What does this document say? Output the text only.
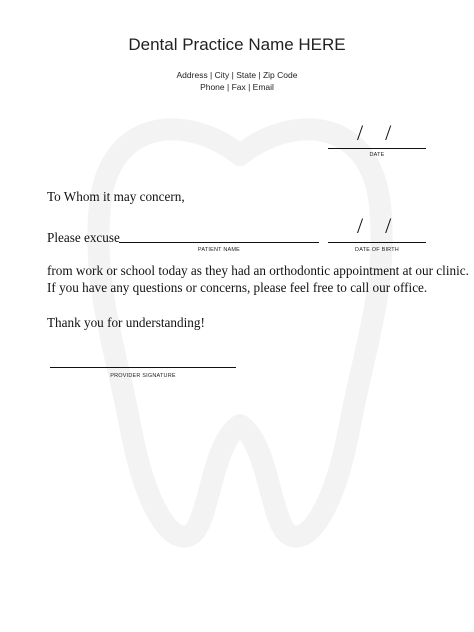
Dental Practice Name HERE
Address | City | State | Zip Code
Phone | Fax | Email
/    /
DATE
To Whom it may concern,
Please excuse
PATIENT NAME
/    /
DATE OF BIRTH
from work or school today as they had an orthodontic appointment at our clinic.
If you have any questions or concerns, please feel free to call our office.
Thank you for understanding!
PROVIDER SIGNATURE
